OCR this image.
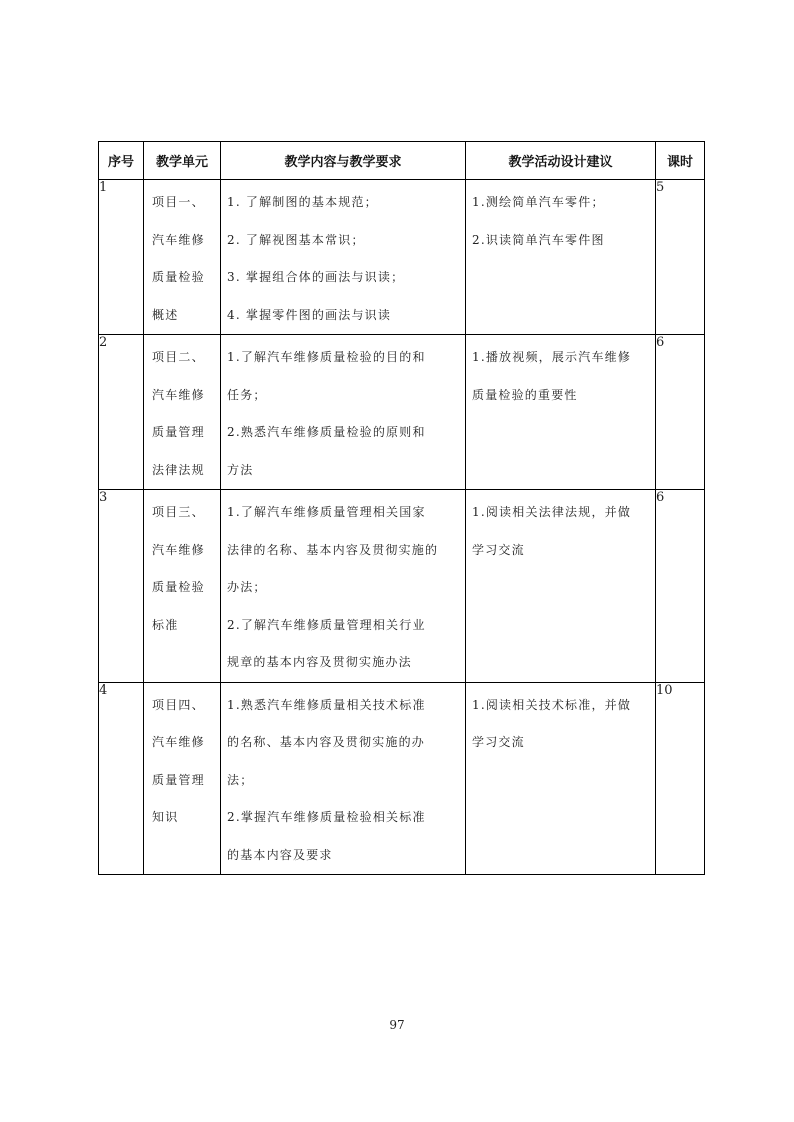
序号	教学单元	教学内容与教学要求	教学活动设计建议	课时
1	项目一、
汽车维修
质量检验
概述	1. 了解制图的基本规范；
2. 了解视图基本常识；
3. 掌握组合体的画法与识读；
4. 掌握零件图的画法与识读	1.测绘简单汽车零件；
2.识读简单汽车零件图	5
2	项目二、
汽车维修
质量管理
法律法规	1.了解汽车维修质量检验的目的和
任务；
2.熟悉汽车维修质量检验的原则和
方法	1.播放视频，展示汽车维修
质量检验的重要性	6
3	项目三、
汽车维修
质量检验
标准	1.了解汽车维修质量管理相关国家
法律的名称、基本内容及贯彻实施的
办法；
2.了解汽车维修质量管理相关行业
规章的基本内容及贯彻实施办法	1.阅读相关法律法规，并做
学习交流	6
4	项目四、
汽车维修
质量管理
知识	1.熟悉汽车维修质量相关技术标准
的名称、基本内容及贯彻实施的办
法；
2.掌握汽车维修质量检验相关标准
的基本内容及要求	1.阅读相关技术标准，并做
学习交流	10
97
